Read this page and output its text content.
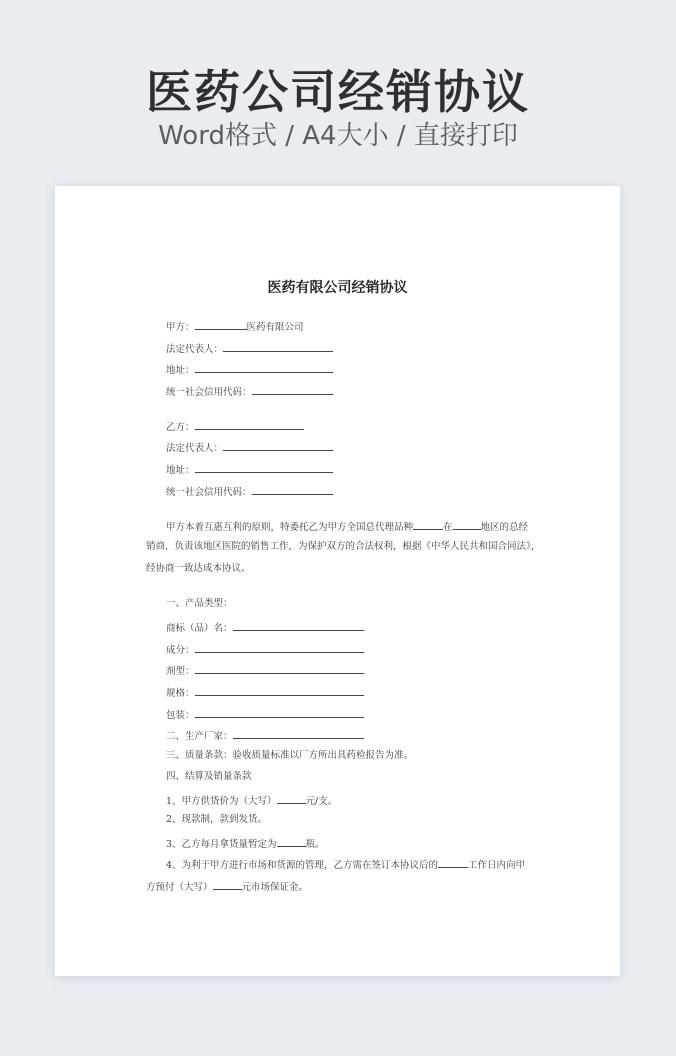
医药公司经销协议
Word格式 / A4大小 / 直接打印
医药有限公司经销协议
甲方：	医药有限公司
法定代表人：
地址：
统一社会信用代码：
乙方：
法定代表人：
地址：
统一社会信用代码：
甲方本着互惠互利的原则，特委托乙为甲方全国总代理品种	在	地区的总经
销商，负责该地区医院的销售工作，为保护双方的合法权利，根据《中华人民共和国合同法》，
经协商一致达成本协议。
一、产品类型：
商标（品）名：
成分：
剂型：
规格：
包装：
二、生产厂家：
三、质量条款：验收质量标准以厂方所出具药检报告为准。
四、结算及销量条款
1、甲方供货价为（大写）	元/支。
2、现款制，款到发货。
3、乙方每月拿货量暂定为	瓶。
4、为利于甲方进行市场和货源的管理，乙方需在签订本协议后的	工作日内向甲
方预付（大写）	元市场保证金。
